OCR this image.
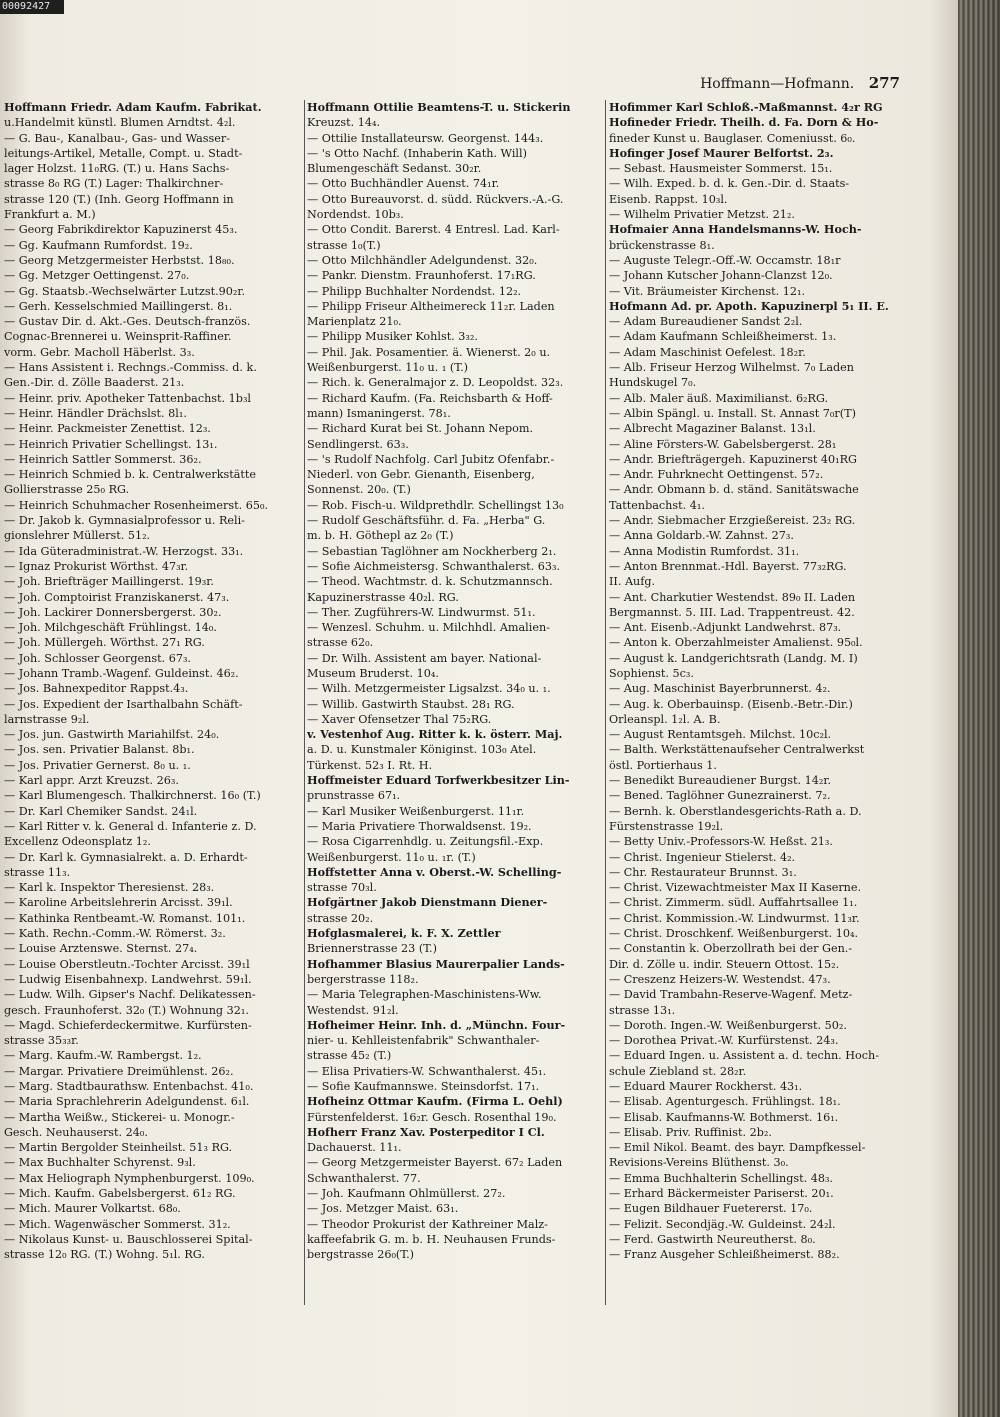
00092427
Hoffmann—Hofmann. 277
Hoffmann Friedr. Adam Kaufm. Fabrikat.
u.Handelmit künstl. Blumen Arndtst. 4₂l.
— G. Bau-, Kanalbau-, Gas- und Wasser-
leitungs-Artikel, Metalle, Compt. u. Stadt-
lager Holzst. 11₀RG. (T.) u. Hans Sachs-
strasse 8₀ RG (T.) Lager: Thalkirchner-
strasse 120 (T.) (Inh. Georg Hoffmann in
Frankfurt a. M.)
— Georg Fabrikdirektor Kapuzinerst 45₃.
— Gg. Kaufmann Rumfordst. 19₂.
— Georg Metzgermeister Herbstst. 18₈₀.
— Gg. Metzger Oettingenst. 27₀.
— Gg. Staatsb.-Wechselwärter Lutzst.90₂r.
— Gerh. Kesselschmied Maillingerst. 8₁.
— Gustav Dir. d. Akt.-Ges. Deutsch-französ.
Cognac-Brennerei u. Weinsprit-Raffiner.
vorm. Gebr. Macholl Häberlst. 3₃.
— Hans Assistent i. Rechngs.-Commiss. d. k.
Gen.-Dir. d. Zölle Baaderst. 21₃.
— Heinr. priv. Apotheker Tattenbachst. 1b₃l
— Heinr. Händler Drächslst. 8l₁.
— Heinr. Packmeister Zenettist. 12₃.
— Heinrich Privatier Schellingst. 13₁.
— Heinrich Sattler Sommerst. 36₂.
— Heinrich Schmied b. k. Centralwerkstätte
Gollierstrasse 25₀ RG.
— Heinrich Schuhmacher Rosenheimerst. 65₀.
— Dr. Jakob k. Gymnasialprofessor u. Reli-
gionslehrer Müllerst. 51₂.
— Ida Güteradministrat.-W. Herzogst. 33₁.
— Ignaz Prokurist Wörthst. 47₃r.
— Joh. Briefträger Maillingerst. 19₃r.
— Joh. Comptoirist Franziskanerst. 47₃.
— Joh. Lackirer Donnersbergerst. 30₂.
— Joh. Milchgeschäft Frühlingst. 14₀.
— Joh. Müllergeh. Wörthst. 27₁ RG.
— Joh. Schlosser Georgenst. 67₃.
— Johann Tramb.-Wagenf. Guldeinst. 46₂.
— Jos. Bahnexpeditor Rappst.4₃.
— Jos. Expedient der Isarthalbahn Schäft-
larnstrasse 9₂l.
— Jos. jun. Gastwirth Mariahilfst. 24₀.
— Jos. sen. Privatier Balanst. 8b₁.
— Jos. Privatier Gernerst. 8₀ u. ₁.
— Karl appr. Arzt Kreuzst. 26₃.
— Karl Blumengesch. Thalkirchnerst. 16₀ (T.)
— Dr. Karl Chemiker Sandst. 24₁l.
— Karl Ritter v. k. General d. Infanterie z. D.
Excellenz Odeonsplatz 1₂.
— Dr. Karl k. Gymnasialrekt. a. D. Erhardt-
strasse 11₃.
— Karl k. Inspektor Theresienst. 28₃.
— Karoline Arbeitslehrerin Arcisst. 39₁l.
— Kathinka Rentbeamt.-W. Romanst. 101₁.
— Kath. Rechn.-Comm.-W. Römerst. 3₂.
— Louise Arztenswe. Sternst. 27₄.
— Louise Oberstleutn.-Tochter Arcisst. 39₁l
— Ludwig Eisenbahnexp. Landwehrst. 59₁l.
— Ludw. Wilh. Gipser's Nachf. Delikatessen-
gesch. Fraunhoferst. 32₀ (T.) Wohnung 32₁.
— Magd. Schieferdeckermitwe. Kurfürsten-
strasse 35₃₃r.
— Marg. Kaufm.-W. Rambergst. 1₂.
— Margar. Privatiere Dreimühlenst. 26₂.
— Marg. Stadtbaurathsw. Entenbachst. 41₀.
— Maria Sprachlehrerin Adelgundenst. 6₁l.
— Martha Weißw., Stickerei- u. Monogr.-
Gesch. Neuhauserst. 24₀.
— Martin Bergolder Steinheilst. 51₃ RG.
— Max Buchhalter Schyrenst. 9₃l.
— Max Heliograph Nymphenburgerst. 109₀.
— Mich. Kaufm. Gabelsbergerst. 61₂ RG.
— Mich. Maurer Volkartst. 68₀.
— Mich. Wagenwäscher Sommerst. 31₂.
— Nikolaus Kunst- u. Bauschlosserei Spital-
strasse 12₀ RG. (T.) Wohng. 5₁l. RG.
Hoffmann Ottilie Beamtens-T. u. Stickerin
Kreuzst. 14₄.
— Ottilie Installateursw. Georgenst. 144₃.
— 's Otto Nachf. (Inhaberin Kath. Will)
Blumengeschäft Sedanst. 30₂r.
— Otto Buchhändler Auenst. 74₁r.
— Otto Bureauvorst. d. südd. Rückvers.-A.-G.
Nordendst. 10b₃.
— Otto Condit. Barerst. 4 Entresl. Lad. Karl-
strasse 1₀(T.)
— Otto Milchhändler Adelgundenst. 32₀.
— Pankr. Dienstm. Fraunhoferst. 17₁RG.
— Philipp Buchhalter Nordendst. 12₂.
— Philipp Friseur Altheimereck 11₂r. Laden
Marienplatz 21₀.
— Philipp Musiker Kohlst. 3₃₂.
— Phil. Jak. Posamentier. ä. Wienerst. 2₀ u.
Weißenburgerst. 11₀ u. ₁ (T.)
— Rich. k. Generalmajor z. D. Leopoldst. 32₃.
— Richard Kaufm. (Fa. Reichsbarth & Hoff-
mann) Ismaningerst. 78₁.
— Richard Kurat bei St. Johann Nepom.
Sendlingerst. 63₃.
— 's Rudolf Nachfolg. Carl Jubitz Ofenfabr.-
Niederl. von Gebr. Gienanth, Eisenberg,
Sonnenst. 20₀. (T.)
— Rob. Fisch-u. Wildprethdlr. Schellingst 13₀
— Rudolf Geschäftsführ. d. Fa. „Herba" G.
m. b. H. Göthepl az 2₀ (T.)
— Sebastian Taglöhner am Nockherberg 2₁.
— Sofie Aichmeistersg. Schwanthalerst. 63₃.
— Theod. Wachtmstr. d. k. Schutzmannsch.
Kapuzinerstrasse 40₂l. RG.
— Ther. Zugführers-W. Lindwurmst. 51₁.
— Wenzesl. Schuhm. u. Milchhdl. Amalien-
strasse 62₀.
— Dr. Wilh. Assistent am bayer. National-
Museum Bruderst. 10₄.
— Wilh. Metzgermeister Ligsalzst. 34₀ u. ₁.
— Willib. Gastwirth Staubst. 28₁ RG.
— Xaver Ofensetzer Thal 75₂RG.
v. Vestenhof Aug. Ritter k. k. österr. Maj.
a. D. u. Kunstmaler Königinst. 103₀ Atel.
Türkenst. 52₃ I. Rt. H.
Hoffmeister Eduard Torfwerkbesitzer Lin-
prunstrasse 67₁.
— Karl Musiker Weißenburgerst. 11₁r.
— Maria Privatiere Thorwaldsenst. 19₂.
— Rosa Cigarrenhdlg. u. Zeitungsfil.-Exp.
Weißenburgerst. 11₀ u. ₁r. (T.)
Hoffstetter Anna v. Oberst.-W. Schelling-
strasse 70₃l.
Hofgärtner Jakob Dienstmann Diener-
strasse 20₂.
Hofglasmalerei, k. F. X. Zettler
Briennerstrasse 23 (T.)
Hofhammer Blasius Maurerpalier Lands-
bergerstrasse 118₂.
— Maria Telegraphen-Maschinistens-Ww.
Westendst. 91₂l.
Hofheimer Heinr. Inh. d. „Münchn. Four-
nier- u. Kehlleistenfabrik" Schwanthaler-
strasse 45₂ (T.)
— Elisa Privatiers-W. Schwanthalerst. 45₁.
— Sofie Kaufmannswe. Steinsdorfst. 17₁.
Hofheinz Ottmar Kaufm. (Firma L. Oehl)
Fürstenfelderst. 16₂r. Gesch. Rosenthal 19₀.
Hofherr Franz Xav. Posterpeditor I Cl.
Dachauerst. 11₁.
— Georg Metzgermeister Bayerst. 67₂ Laden
Schwanthalerst. 77.
— Joh. Kaufmann Ohlmüllerst. 27₂.
— Jos. Metzger Maist. 63₁.
— Theodor Prokurist der Kathreiner Malz-
kaffeefabrik G. m. b. H. Neuhausen Frunds-
bergstrasse 26₀(T.)
Hofimmer Karl Schloß.-Maßmannst. 4₂r RG
Hofineder Friedr. Theilh. d. Fa. Dorn & Ho-
fineder Kunst u. Bauglaser. Comeniusst. 6₀.
Hofinger Josef Maurer Belfortst. 2₃.
— Sebast. Hausmeister Sommerst. 15₁.
— Wilh. Exped. b. d. k. Gen.-Dir. d. Staats-
Eisenb. Rappst. 10₃l.
— Wilhelm Privatier Metzst. 21₂.
Hofmaier Anna Handelsmanns-W. Hoch-
brückenstrasse 8₁.
— Auguste Telegr.-Off.-W. Occamstr. 18₁r
— Johann Kutscher Johann-Clanzst 12₀.
— Vit. Bräumeister Kirchenst. 12₁.
Hofmann Ad. pr. Apoth. Kapuzinerpl 5₁ II. E.
— Adam Bureaudiener Sandst 2₂l.
— Adam Kaufmann Schleißheimerst. 1₃.
— Adam Maschinist Oefelest. 18₂r.
— Alb. Friseur Herzog Wilhelmst. 7₀ Laden
Hundskugel 7₀.
— Alb. Maler äuß. Maximilianst. 6₂RG.
— Albin Spängl. u. Install. St. Annast 7₀r(T)
— Albrecht Magaziner Balanst. 13₁l.
— Aline Försters-W. Gabelsbergerst. 28₁
— Andr. Briefträgergeh. Kapuzinerst 40₁RG
— Andr. Fuhrknecht Oettingenst. 57₂.
— Andr. Obmann b. d. ständ. Sanitätswache
Tattenbachst. 4₁.
— Andr. Siebmacher Erzgießereist. 23₂ RG.
— Anna Goldarb.-W. Zahnst. 27₃.
— Anna Modistin Rumfordst. 31₁.
— Anton Brennmat.-Hdl. Bayerst. 77₃₂RG.
II. Aufg.
— Ant. Charkutier Westendst. 89₀ II. Laden
Bergmannst. 5. III. Lad. Trappentreust. 42.
— Ant. Eisenb.-Adjunkt Landwehrst. 87₃.
— Anton k. Oberzahlmeister Amalienst. 95₀l.
— August k. Landgerichtsrath (Landg. M. I)
Sophienst. 5c₃.
— Aug. Maschinist Bayerbrunnerst. 4₂.
— Aug. k. Oberbauinsp. (Eisenb.-Betr.-Dir.)
Orleanspl. 1₂l. A. B.
— August Rentamtsgeh. Milchst. 10c₂l.
— Balth. Werkstättenaufseher Centralwerkst
östl. Portierhaus 1.
— Benedikt Bureaudiener Burgst. 14₂r.
— Bened. Taglöhner Gunezrainerst. 7₂.
— Bernh. k. Oberstlandesgerichts-Rath a. D.
Fürstenstrasse 19₂l.
— Betty Univ.-Professors-W. Heßst. 21₃.
— Christ. Ingenieur Stielerst. 4₂.
— Chr. Restaurateur Brunnst. 3₁.
— Christ. Vizewachtmeister Max II Kaserne.
— Christ. Zimmerm. südl. Auffahrtsallee 1₁.
— Christ. Kommission.-W. Lindwurmst. 11₃r.
— Christ. Droschkenf. Weißenburgerst. 10₄.
— Constantin k. Oberzollrath bei der Gen.-
Dir. d. Zölle u. indir. Steuern Ottost. 15₂.
— Creszenz Heizers-W. Westendst. 47₃.
— David Trambahn-Reserve-Wagenf. Metz-
strasse 13₁.
— Doroth. Ingen.-W. Weißenburgerst. 50₂.
— Dorothea Privat.-W. Kurfürstenst. 24₃.
— Eduard Ingen. u. Assistent a. d. techn. Hoch-
schule Ziebland st. 28₂r.
— Eduard Maurer Rockherst. 43₁.
— Elisab. Agenturgesch. Frühlingst. 18₁.
— Elisab. Kaufmanns-W. Bothmerst. 16₁.
— Elisab. Priv. Ruffinist. 2b₂.
— Emil Nikol. Beamt. des bayr. Dampfkessel-
Revisions-Vereins Blüthenst. 3₀.
— Emma Buchhalterin Schellingst. 48₃.
— Erhard Bäckermeister Pariserst. 20₁.
— Eugen Bildhauer Fuetererst. 17₀.
— Felizit. Secondjäg.-W. Guldeinst. 24₂l.
— Ferd. Gastwirth Neureutherst. 8₀.
— Franz Ausgeher Schleißheimerst. 88₂.
